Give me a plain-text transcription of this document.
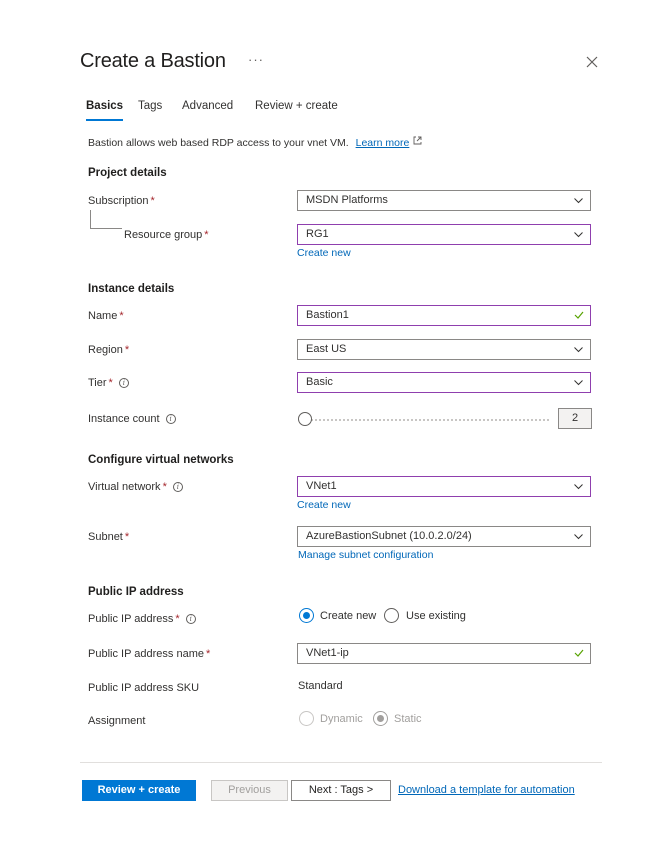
Create a Bastion ···
Basics Tags Advanced Review + create
Bastion allows web based RDP access to your vnet VM. Learn more
Project details
Subscription *	MSDN Platforms
Resource group *	RG1
Create new
Instance details
Name *	Bastion1
Region *	East US
Tier * i	Basic
Instance count i	2
Configure virtual networks
Virtual network * i	VNet1
Create new
Subnet *	AzureBastionSubnet (10.0.2.0/24)
Manage subnet configuration
Public IP address
Public IP address * i	Create new	Use existing
Public IP address name *	VNet1-ip
Public IP address SKU	Standard
Assignment	Dynamic	Static
Review + create	Previous	Next : Tags >	Download a template for automation
